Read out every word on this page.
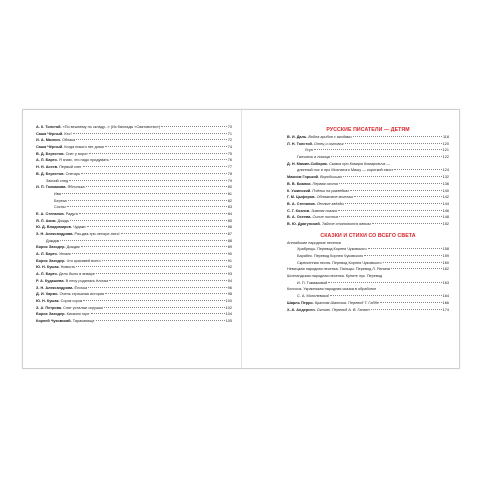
А. К. Толстой. «По вешнему по складу...» (Из баллады «Сватовство»)	70
Саша Чёрный. Кто?	71
И. А. Мазнин. Облака	72
Саша Чёрный. Когда никого нет дома	74
В. Д. Берестов. Снег у ворот	75
А. Л. Барто. Я знаю, что надо придумать	76
Н. Н. Асеев. Первый снег	77
В. Д. Берестов. Снегирь	78
Заячий след	79
И. П. Токмакова. Яблонька	80
Ива	81
Береза	82
Сосны	83
Е. А. Степанов. Радуга	84
Я. Л. Аким. Дождь	85
Ю. Д. Владимиров. Чудаки	86
З. Н. Александрова. Раз-два-три-четыре-пять!	87
Дождик	88
Борис Заходер. Дождик	89
А. Л. Барто. Уехали	90
Борис Заходер. Что красивей всего	91
Ю. Н. Кушак. Новость	92
А. Л. Барто. Дело было в январе	93
Р. А. Кудашева. В лесу родилась ёлочка	94
З. Н. Александрова. Ёлочка	96
Д. И. Хармс. Очень страшная история	98
Ю. Н. Кушак. Сорок сорок	100
З. А. Петрова. Спят усталые игрушки	102
Борис Заходер. Кискино горе	104
Корней Чуковский. Тараканище	105
РУССКИЕ ПИСАТЕЛИ — ДЕТЯМ
В. И. Даль. Война грибов с ягодами	118
Л. Н. Толстой. Отец и сыновья	120
Лгун	121
Галчонок и лисица	122
Д. Н. Мамин-Сибиряк. Сказка про Комара Комаровича —
длинный нос и про Мохнатого Мишу — короткий хвост	124
Максим Горький. Воробьишко	132
В. В. Бианки. Первая охота	136
К. Ушинский. Пчёлки на разведках	140
Г. М. Цыферов. Облачковое молочко	142
В. А. Степанов. Лесные звёзды	144
С. Г. Козлов. Зимняя сказка	146
В. А. Осеева. Синие листья	148
В. Ю. Драгунский. Тайное становится явным	152
СКАЗКИ И СТИХИ СО ВСЕГО СВЕТА
Английские народные песенки
Храбрецы. Перевод Корнея Чуковского	158
Барабек. Перевод Корнея Чуковского	159
Скрюченная песня. Перевод Корнея Чуковского	160
Немецкая народная песенка. Пальцы. Перевод Л. Яхнина	162
Шотландская народная песенка. Купите лук. Перевод
И. П. Токмаковой	163
Колосок. Украинская народная сказка в обработке
С. А. Могилевской	164
Шарль Перро. Красная Шапочка. Перевод Т. Габбе	166
Х.-К. Андерсен. Огниво. Перевод А. В. Ганзен	174
